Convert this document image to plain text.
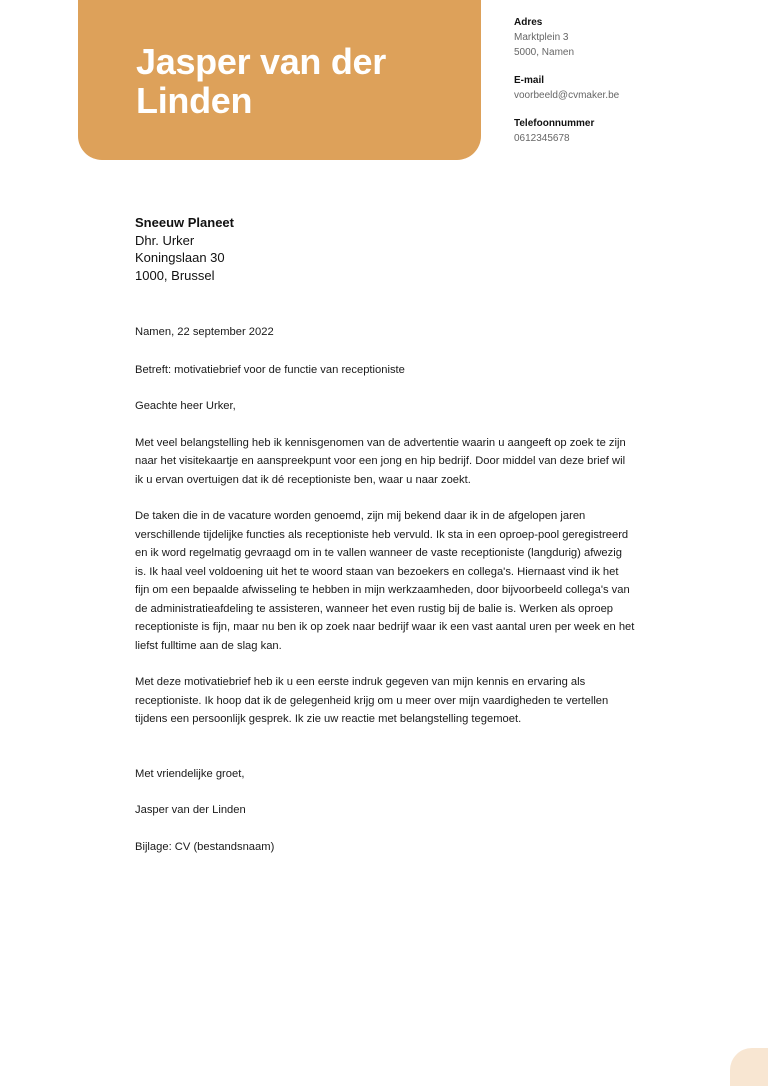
Jasper van der
Linden
Adres
Marktplein 3
5000, Namen
E-mail
voorbeeld@cvmaker.be
Telefoonnummer
0612345678
Sneeuw Planeet
Dhr. Urker
Koningslaan 30
1000, Brussel

Namen, 22 september 2022

Betreft: motivatiebrief voor de functie van receptioniste

Geachte heer Urker,

Met veel belangstelling heb ik kennisgenomen van de advertentie waarin u aangeeft op zoek te zijn naar het visitekaartje en aanspreekpunt voor een jong en hip bedrijf. Door middel van deze brief wil ik u ervan overtuigen dat ik dé receptioniste ben, waar u naar zoekt.

De taken die in de vacature worden genoemd, zijn mij bekend daar ik in de afgelopen jaren verschillende tijdelijke functies als receptioniste heb vervuld. Ik sta in een oproep-pool geregistreerd en ik word regelmatig gevraagd om in te vallen wanneer de vaste receptioniste (langdurig) afwezig is. Ik haal veel voldoening uit het te woord staan van bezoekers en collega's. Hiernaast vind ik het fijn om een bepaalde afwisseling te hebben in mijn werkzaamheden, door bijvoorbeeld collega's van de administratieafdeling te assisteren, wanneer het even rustig bij de balie is. Werken als oproep receptioniste is fijn, maar nu ben ik op zoek naar bedrijf waar ik een vast aantal uren per week en het liefst fulltime aan de slag kan.

Met deze motivatiebrief heb ik u een eerste indruk gegeven van mijn kennis en ervaring als receptioniste. Ik hoop dat ik de gelegenheid krijg om u meer over mijn vaardigheden te vertellen tijdens een persoonlijk gesprek. Ik zie uw reactie met belangstelling tegemoet.

Met vriendelijke groet,

Jasper van der Linden

Bijlage: CV (bestandsnaam)
